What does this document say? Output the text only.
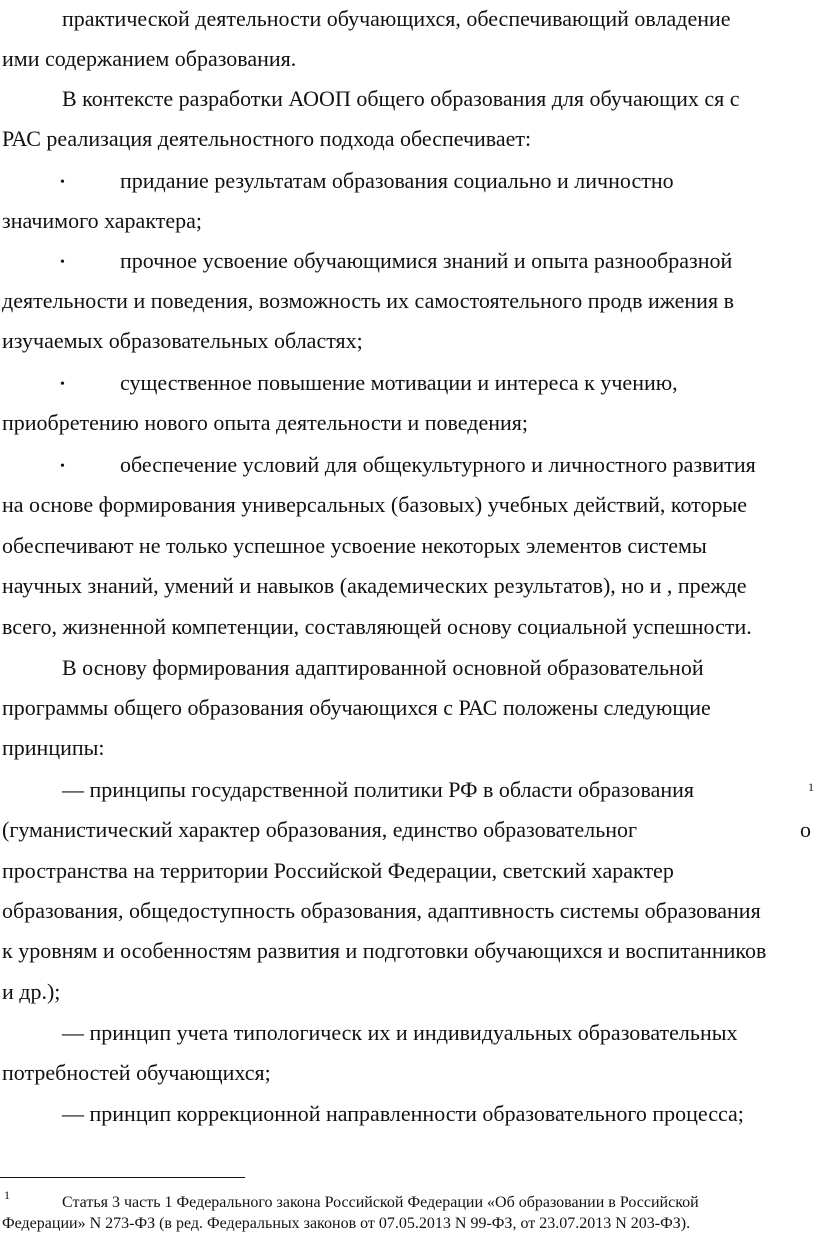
практической деятельности обучающихся, обеспечивающий овладение
ими содержанием образования.
В контексте разработки АООП общего образования для обучающих ся с
РАС реализация деятельностного подхода обеспечивает:
•	придание результатам образования социально и личностно
значимого характера;
•	прочное усвоение обучающимися знаний и опыта разнообразной
деятельности и поведения, возможность их самостоятельного продв ижения в
изучаемых образовательных областях;
•	существенное повышение мотивации и интереса к учению,
приобретению нового опыта деятельности и поведения;
•	обеспечение условий для общекультурного и личностного развития
на основе формирования универсальных (базовых) учебных действий, которые
обеспечивают не только успешное усвоение некоторых элементов системы
научных знаний, умений и навыков (академических результатов), но и , прежде
всего, жизненной компетенции, составляющей основу социальной успешности.
В основу формирования адаптированной основной образовательной
программы общего образования обучающихся с РАС положены следующие
принципы:
— принципы государственной политики РФ в области образования	1
(гуманистический характер образования, единство образовательног	о
пространства на территории Российской Федерации, светский характер
образования, общедоступность образования, адаптивность системы образования
к уровням и особенностям развития и подготовки обучающихся и воспитанников
и др.);
— принцип учета типологическ их и индивидуальных образовательных
потребностей обучающихся;
— принцип коррекционной направленности образовательного процесса;
1	Статья 3 часть 1 Федерального закона Российской Федерации «Об образовании в Российской
Федерации» N 273-ФЗ (в ред. Федеральных законов от 07.05.2013 N 99-ФЗ, от 23.07.2013 N 203-ФЗ).
